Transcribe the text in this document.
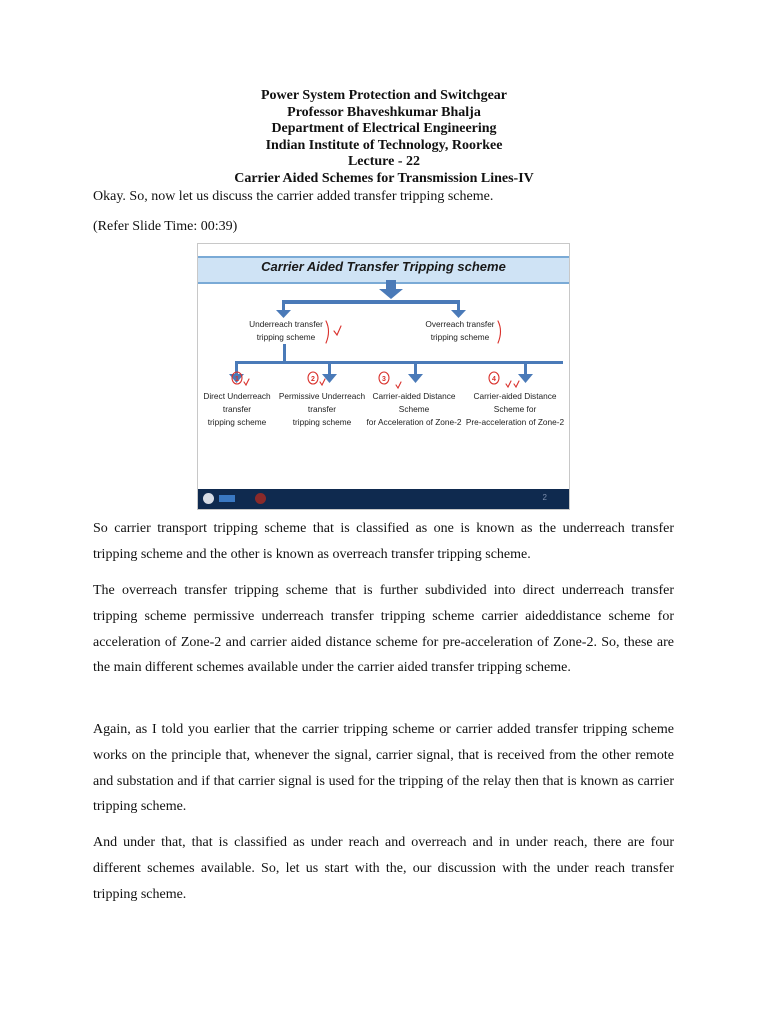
Power System Protection and Switchgear
Professor Bhaveshkumar Bhalja
Department of Electrical Engineering
Indian Institute of Technology, Roorkee
Lecture - 22
Carrier Aided Schemes for Transmission Lines-IV

Okay. So, now let us discuss the carrier added transfer tripping scheme.

(Refer Slide Time: 00:39)

Carrier Aided Transfer Tripping scheme
1	2	3	4
Underreach transfer
tripping scheme
Overreach transfer
tripping scheme
Direct Underreach
transfer
tripping scheme
Permissive Underreach
transfer
tripping scheme
Carrier-aided Distance
Scheme
for Acceleration of Zone-2
Carrier-aided Distance
Scheme for
Pre-acceleration of Zone-2
2

So carrier transport tripping scheme that is classified as one is known as the underreach transfer tripping scheme and the other is known as overreach transfer tripping scheme.

The overreach transfer tripping scheme that is further subdivided into direct underreach transfer tripping scheme permissive underreach transfer tripping scheme carrier aideddistance scheme for acceleration of Zone-2 and carrier aided distance scheme for pre-acceleration of Zone-2. So, these are the main different schemes available under the carrier aided transfer tripping scheme.

Again, as I told you earlier that the carrier tripping scheme or carrier added transfer tripping scheme works on the principle that, whenever the signal, carrier signal, that is received from the other remote and substation and if that carrier signal is used for the tripping of the relay then that is known as carrier tripping scheme.

And under that, that is classified as under reach and overreach and in under reach, there are four different schemes available. So, let us start with the, our discussion with the under reach transfer tripping scheme.
